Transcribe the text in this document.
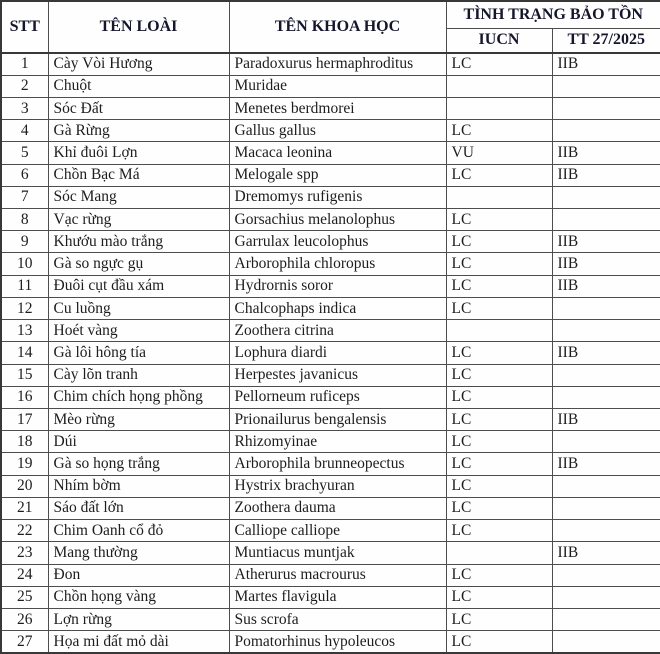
STT	TÊN LOÀI	TÊN KHOA HỌC	TÌNH TRẠNG BẢO TỒN	
			IUCN	TT 27/2025
1	Cày Vòi Hương	Paradoxurus hermaphroditus	LC	IIB
2	Chuột	Muridae		
3	Sóc Đất	Menetes berdmorei		
4	Gà Rừng	Gallus gallus	LC	
5	Khỉ đuôi Lợn	Macaca leonina	VU	IIB
6	Chồn Bạc Má	Melogale spp	LC	IIB
7	Sóc Mang	Dremomys rufigenis		
8	Vạc rừng	Gorsachius melanolophus	LC	
9	Khướu mào trắng	Garrulax leucolophus	LC	IIB
10	Gà so ngực gụ	Arborophila chloropus	LC	IIB
11	Đuôi cụt đầu xám	Hydrornis soror	LC	IIB
12	Cu luồng	Chalcophaps indica	LC	
13	Hoét vàng	Zoothera citrina		
14	Gà lôi hông tía	Lophura diardi	LC	IIB
15	Cày lõn tranh	Herpestes javanicus	LC	
16	Chim chích họng phồng	Pellorneum ruficeps	LC	
17	Mèo rừng	Prionailurus bengalensis	LC	IIB
18	Dúi	Rhizomyinae	LC	
19	Gà so họng trắng	Arborophila brunneopectus	LC	IIB
20	Nhím bờm	Hystrix brachyuran	LC	
21	Sáo đất lớn	Zoothera dauma	LC	
22	Chim Oanh cổ đỏ	Calliope calliope	LC	
23	Mang thường	Muntiacus muntjak		IIB
24	Đon	Atherurus macrourus	LC	
25	Chồn họng vàng	Martes flavigula	LC	
26	Lợn rừng	Sus scrofa	LC	
27	Họa mi đất mỏ dài	Pomatorhinus hypoleucos	LC	
